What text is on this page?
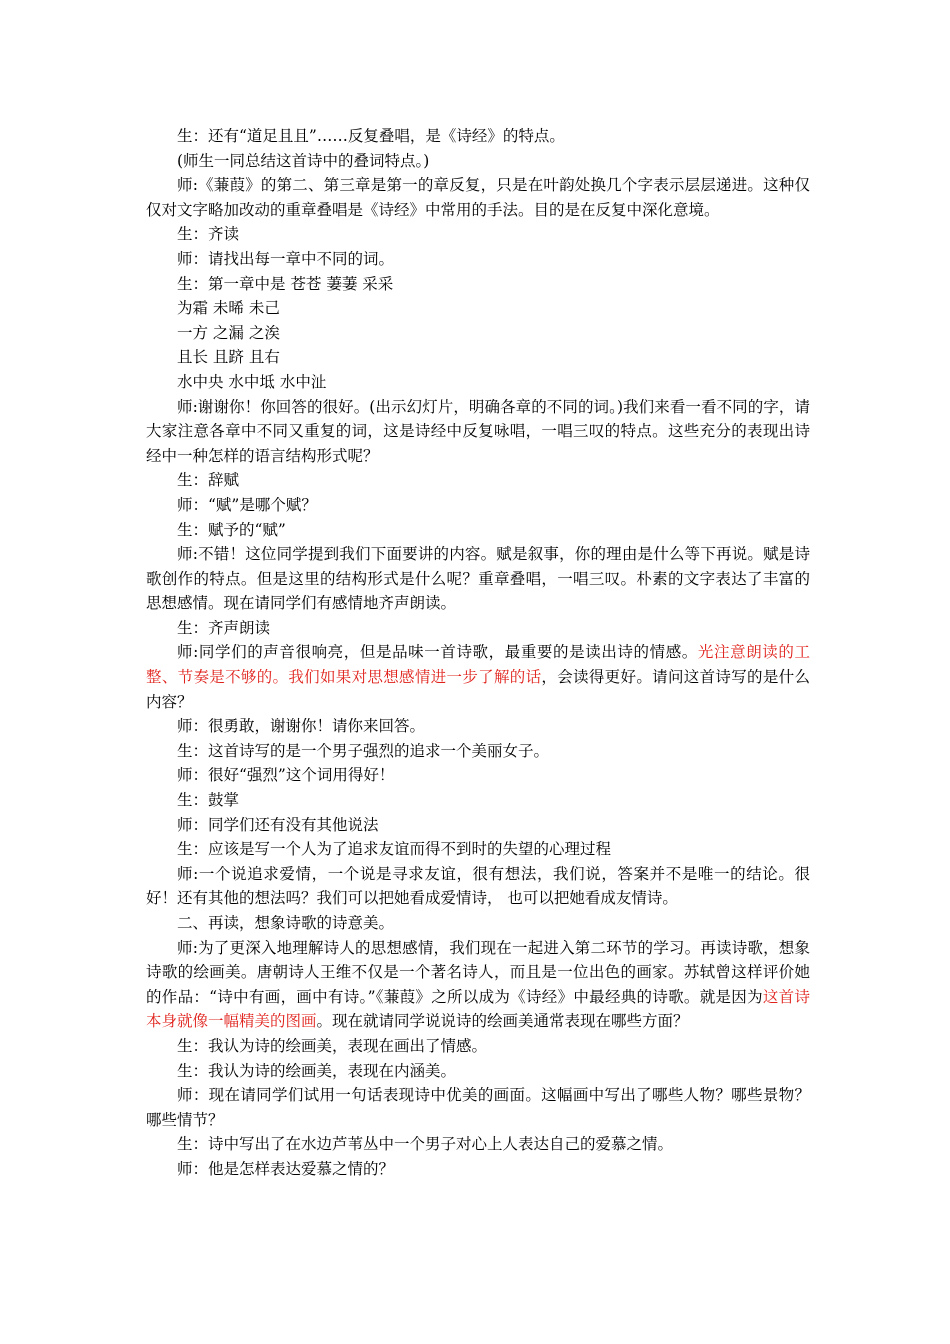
生：还有“道足且且”……反复叠唱，是《诗经》的特点。

(师生一同总结这首诗中的叠词特点。)

师:《蒹葭》的第二、第三章是第一的章反复，只是在叶韵处换几个字表示层层递进。这种仅仅对文字略加改动的重章叠唱是《诗经》中常用的手法。目的是在反复中深化意境。

生：齐读

师：请找出每一章中不同的词。

生：第一章中是 苍苍 萋萋 采采

为霜 未晞 未己

一方 之漏 之涘

且长 且跻 且右

水中央 水中坻 水中沚

师:谢谢你！你回答的很好。(出示幻灯片，明确各章的不同的词。)我们来看一看不同的字，请大家注意各章中不同又重复的词，这是诗经中反复咏唱，一唱三叹的特点。这些充分的表现出诗经中一种怎样的语言结构形式呢？

生：辞赋

师：“赋”是哪个赋？

生：赋予的“赋”

师:不错！这位同学提到我们下面要讲的内容。赋是叙事，你的理由是什么等下再说。赋是诗歌创作的特点。但是这里的结构形式是什么呢？重章叠唱，一唱三叹。朴素的文字表达了丰富的思想感情。现在请同学们有感情地齐声朗读。

生：齐声朗读

师:同学们的声音很响亮，但是品味一首诗歌，最重要的是读出诗的情感。光注意朗读的工整、节奏是不够的。我们如果对思想感情进一步了解的话，会读得更好。请问这首诗写的是什么内容？

师：很勇敢，谢谢你！请你来回答。

生：这首诗写的是一个男子强烈的追求一个美丽女子。

师：很好“强烈”这个词用得好！

生：鼓掌

师：同学们还有没有其他说法

生：应该是写一个人为了追求友谊而得不到时的失望的心理过程

师:一个说追求爱情，一个说是寻求友谊，很有想法，我们说，答案并不是唯一的结论。很好！还有其他的想法吗？我们可以把她看成爱情诗， 也可以把她看成友情诗。

二、再读，想象诗歌的诗意美。

师:为了更深入地理解诗人的思想感情，我们现在一起进入第二环节的学习。再读诗歌，想象诗歌的绘画美。唐朝诗人王维不仅是一个著名诗人，而且是一位出色的画家。苏轼曾这样评价她的作品：“诗中有画，画中有诗。”《蒹葭》之所以成为《诗经》中最经典的诗歌。就是因为这首诗本身就像一幅精美的图画。现在就请同学说说诗的绘画美通常表现在哪些方面？

生：我认为诗的绘画美，表现在画出了情感。

生：我认为诗的绘画美，表现在内涵美。

师：现在请同学们试用一句话表现诗中优美的画面。这幅画中写出了哪些人物？哪些景物？哪些情节？

生：诗中写出了在水边芦苇丛中一个男子对心上人表达自己的爱慕之情。

师：他是怎样表达爱慕之情的？
